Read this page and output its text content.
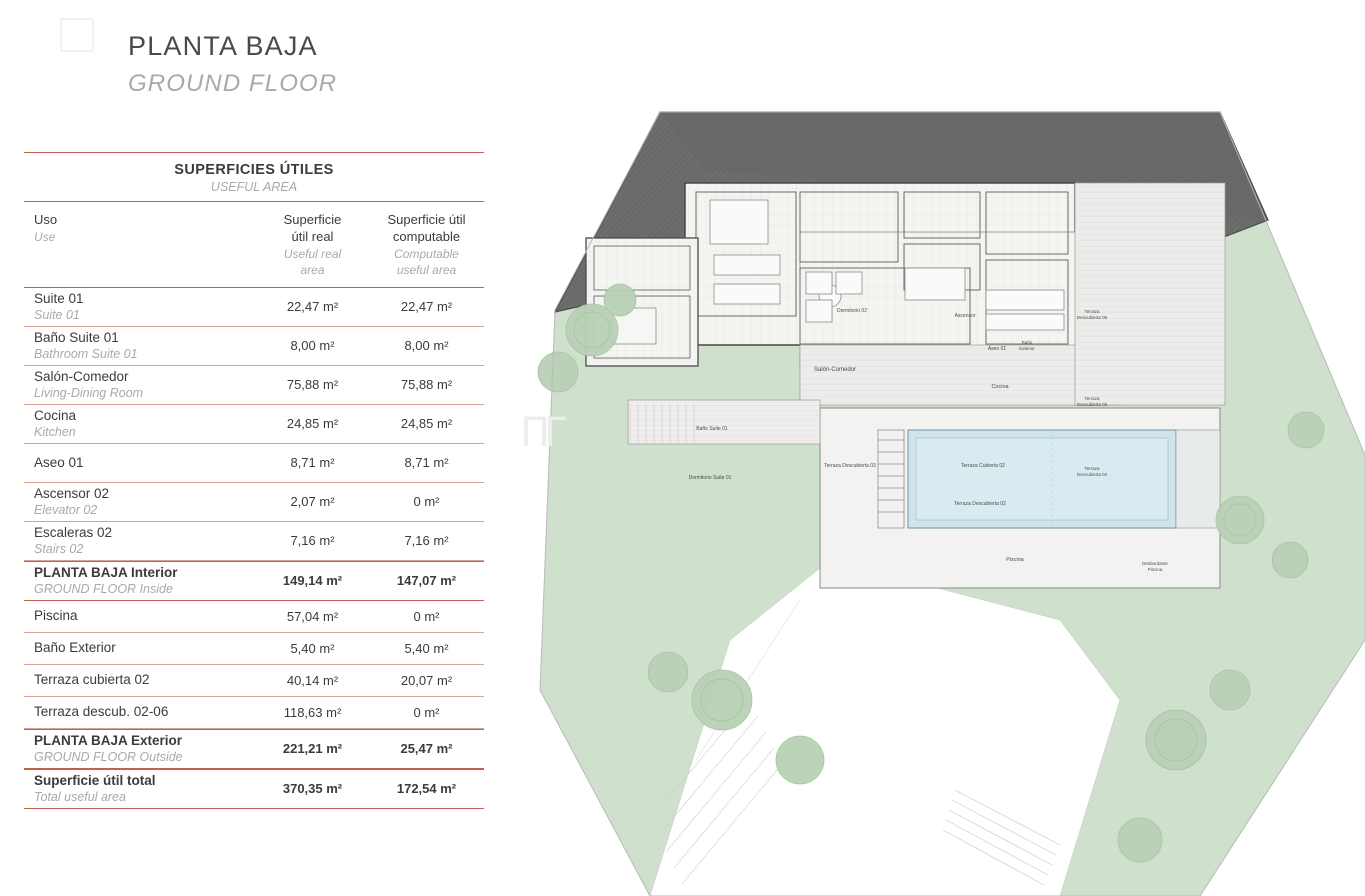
PLANTA BAJA
GROUND FLOOR
SUPERFICIES ÚTILES
USEFUL AREA
Uso
Use
Superficie
útil real
Useful real
area
Superficie útil
computable
Computable
useful area
Suite 01
Suite 01
22,47 m²	22,47 m²
Baño Suite 01
Bathroom Suite 01
8,00 m²	8,00 m²
Salón-Comedor
Living-Dining Room
75,88 m²	75,88 m²
Cocina
Kitchen
24,85 m²	24,85 m²
Aseo 01	8,71 m²	8,71 m²
Ascensor 02
Elevator 02
2,07 m²	0 m²
Escaleras 02
Stairs 02
7,16 m²	7,16 m²
PLANTA BAJA Interior
GROUND FLOOR Inside
149,14 m²	147,07 m²
Piscina	57,04 m²	0 m²
Baño Exterior	5,40 m²	5,40 m²
Terraza cubierta 02	40,14 m²	20,07 m²
Terraza descub. 02-06	118,63 m²	0 m²
PLANTA BAJA Exterior
GROUND FLOOR Outside
221,21 m²	25,47 m²
Superficie útil total
Total useful area
370,35 m²	172,54 m²
ПГ
Dormitorio 02
Ascensor
Terraza Descubierta 06
Aseo 01
Baño Exterior
Salón-Comedor
Cocina
Terraza Descubierta 05
Baño Suite 01
Dormitorio Suite 01
Terraza Descubierta 03	Terraza Cubierta 02	Terraza Descubierta 04
Terraza Descubierta 02
Piscina
Desbordante Piscina
